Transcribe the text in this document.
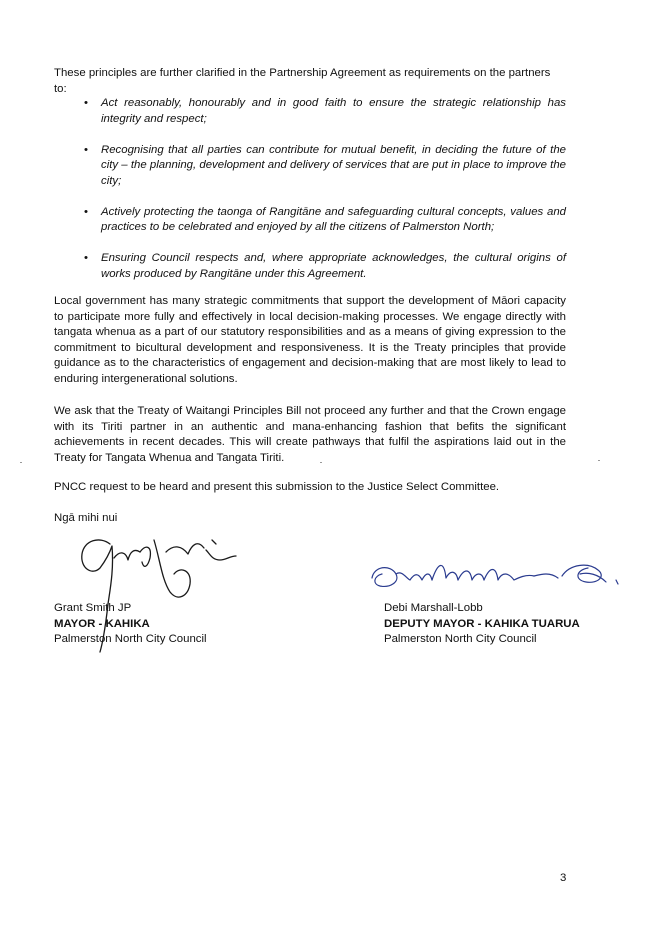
These principles are further clarified in the Partnership Agreement as requirements on the partners to:
• Act reasonably, honourably and in good faith to ensure the strategic relationship has integrity and respect;
• Recognising that all parties can contribute for mutual benefit, in deciding the future of the city – the planning, development and delivery of services that are put in place to improve the city;
• Actively protecting the taonga of Rangitāne and safeguarding cultural concepts, values and practices to be celebrated and enjoyed by all the citizens of Palmerston North;
• Ensuring Council respects and, where appropriate acknowledges, the cultural origins of works produced by Rangitāne under this Agreement.
Local government has many strategic commitments that support the development of Māori capacity to participate more fully and effectively in local decision-making processes. We engage directly with tangata whenua as a part of our statutory responsibilities and as a means of giving expression to the commitment to bicultural development and responsiveness. It is the Treaty principles that provide guidance as to the characteristics of engagement and decision-making that are most likely to lead to enduring intergenerational solutions.
We ask that the Treaty of Waitangi Principles Bill not proceed any further and that the Crown engage with its Tiriti partner in an authentic and mana-enhancing fashion that befits the significant achievements in recent decades. This will create pathways that fulfil the aspirations laid out in the Treaty for Tangata Whenua and Tangata Tiriti.
PNCC request to be heard and present this submission to the Justice Select Committee.
Ngā mihi nui
Grant Smith JP
MAYOR - KAHIKA
Palmerston North City Council
Debi Marshall-Lobb
DEPUTY MAYOR - KAHIKA TUARUA
Palmerston North City Council
3
